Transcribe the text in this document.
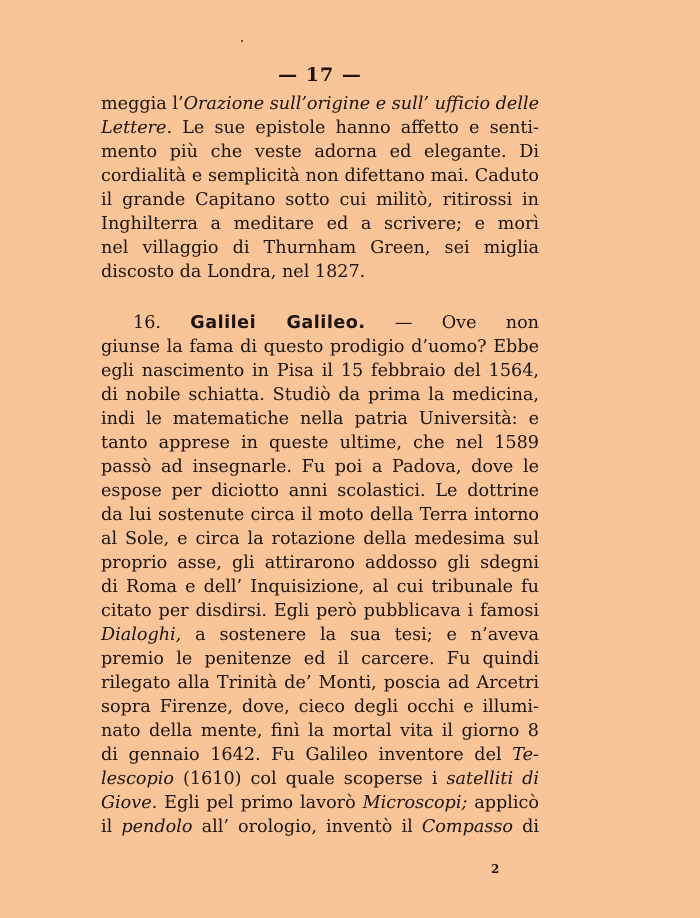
— 17 —
meggia l’Orazione sull’origine e sull’ ufficio delle
Lettere. Le sue epistole hanno affetto e senti-
mento più che veste adorna ed elegante. Di
cordialità e semplicità non difettano mai. Caduto
il grande Capitano sotto cui militò, ritirossi in
Inghilterra a meditare ed a scrivere; e morì
nel villaggio di Thurnham Green, sei miglia
discosto da Londra, nel 1827.
16. Galilei Galileo. — Ove non
giunse la fama di questo prodigio d’uomo? Ebbe
egli nascimento in Pisa il 15 febbraio del 1564,
di nobile schiatta. Studiò da prima la medicina,
indi le matematiche nella patria Università: e
tanto apprese in queste ultime, che nel 1589
passò ad insegnarle. Fu poi a Padova, dove le
espose per diciotto anni scolastici. Le dottrine
da lui sostenute circa il moto della Terra intorno
al Sole, e circa la rotazione della medesima sul
proprio asse, gli attirarono addosso gli sdegni
di Roma e dell’ Inquisizione, al cui tribunale fu
citato per disdirsi. Egli però pubblicava i famosi
Dialoghi, a sostenere la sua tesi; e n’aveva
premio le penitenze ed il carcere. Fu quindi
rilegato alla Trinità de’ Monti, poscia ad Arcetri
sopra Firenze, dove, cieco degli occhi e illumi-
nato della mente, finì la mortal vita il giorno 8
di gennaio 1642. Fu Galileo inventore del Te-
lescopio (1610) col quale scoperse i satelliti di
Giove. Egli pel primo lavorò Microscopi; applicò
il pendolo all’ orologio, inventò il Compasso di
2
